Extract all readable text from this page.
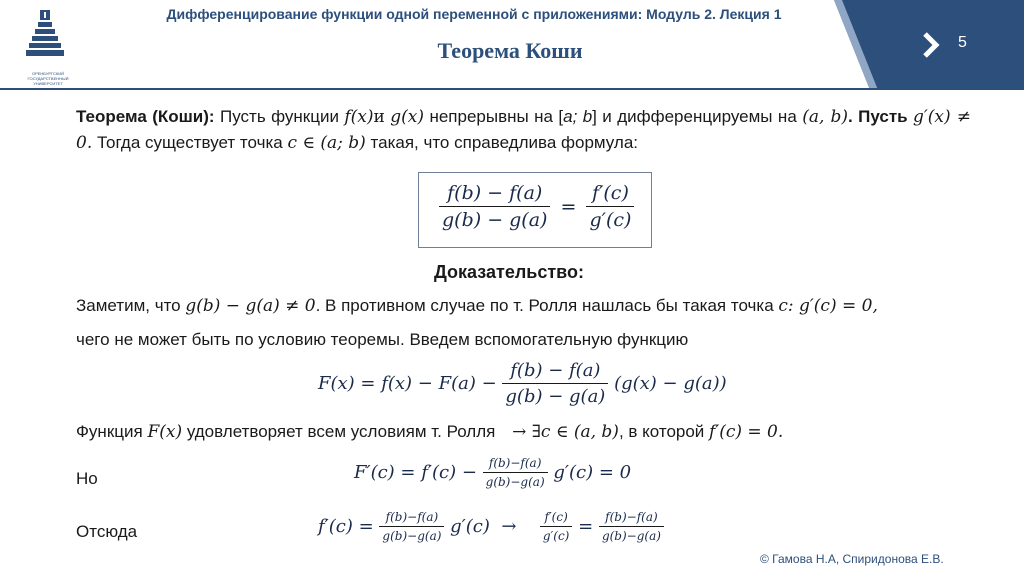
ОРЕНБУРГСКИЙ
ГОСУДАРСТВЕННЫЙ
УНИВЕРСИТЕТ
Дифференцирование функции одной переменной с приложениями: Модуль 2. Лекция 1
Теорема Коши	5

Теорема (Коши): Пусть функции f(x)и g(x) непрерывны на [a; b] и дифференцируемы на (a, b). Пусть g′(x) ≠ 0. Тогда существует точка c ∈ (a; b) такая, что справедлива формула:

$\frac{f(b) - f(a)}{g(b) - g(a)} = \frac{f'(c)}{g'(c)}$
Доказательство:
Заметим, что g(b) − g(a) ≠ 0. В противном случае по т. Ролля нашлась бы такая точка c: g′(c) = 0,
чего не может быть по условию теоремы. Введем вспомогательную функцию
$F(x) = f(x) - F(a) - \frac{f(b) - f(a)}{g(b) - g(a)} (g(x) - g(a))$
Функция F(x) удовлетворяет всем условиям т. Ролля → ∃c ∈ (a, b), в которой f′(c) = 0.
Но	$F'(c) = f'(c) - \frac{f(b)-f(a)}{g(b)-g(a)} g'(c) = 0$
Отсюда	$f'(c) = \frac{f(b)-f(a)}{g(b)-g(a)} g'(c) \to \frac{f'(c)}{g'(c)} = \frac{f(b)-f(a)}{g(b)-g(a)}$
© Гамова Н.А, Спиридонова Е.В.
